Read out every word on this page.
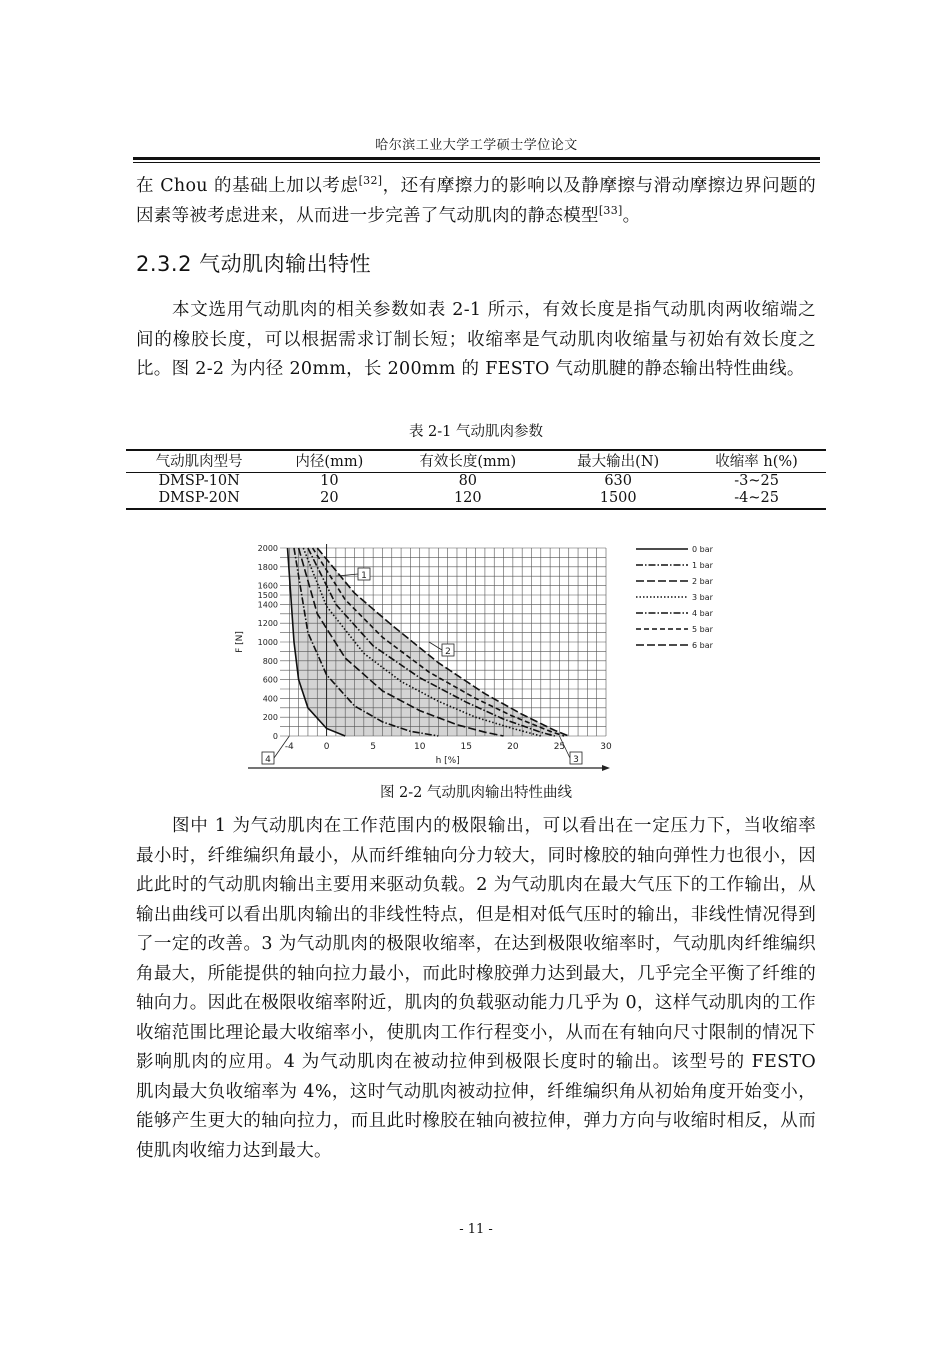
哈尔滨工业大学工学硕士学位论文

在 Chou 的基础上加以考虑[32]，还有摩擦力的影响以及静摩擦与滑动摩擦边界问题的因素等被考虑进来，从而进一步完善了气动肌肉的静态模型[33]。

2.3.2 气动肌肉输出特性

本文选用气动肌肉的相关参数如表 2-1 所示，有效长度是指气动肌肉两收缩端之间的橡胶长度，可以根据需求订制长短；收缩率是气动肌肉收缩量与初始有效长度之比。图 2-2 为内径 20mm，长 200mm 的 FESTO 气动肌腱的静态输出特性曲线。

表 2-1 气动肌肉参数
气动肌肉型号	内径(mm)	有效长度(mm)	最大输出(N)	收缩率 h(%)
DMSP-10N	10	80	630	-3~25
DMSP-20N	20	120	1500	-4~25
-4	0	5	10	15	20	25	30
0
200
400
600
800
1000
1200
1400
1500
1600
1800
2000
h [%]
F [N]
1
2
3
4
0 bar
1 bar
2 bar
3 bar
4 bar
5 bar
6 bar
图 2-2 气动肌肉输出特性曲线

图中 1 为气动肌肉在工作范围内的极限输出，可以看出在一定压力下，当收缩率最小时，纤维编织角最小，从而纤维轴向分力较大，同时橡胶的轴向弹性力也很小，因此此时的气动肌肉输出主要用来驱动负载。2 为气动肌肉在最大气压下的工作输出，从输出曲线可以看出肌肉输出的非线性特点，但是相对低气压时的输出，非线性情况得到了一定的改善。3 为气动肌肉的极限收缩率，在达到极限收缩率时，气动肌肉纤维编织角最大，所能提供的轴向拉力最小，而此时橡胶弹力达到最大，几乎完全平衡了纤维的轴向力。因此在极限收缩率附近，肌肉的负载驱动能力几乎为 0，这样气动肌肉的工作收缩范围比理论最大收缩率小，使肌肉工作行程变小，从而在有轴向尺寸限制的情况下影响肌肉的应用。4 为气动肌肉在被动拉伸到极限长度时的输出。该型号的 FESTO 肌肉最大负收缩率为 4%，这时气动肌肉被动拉伸，纤维编织角从初始角度开始变小，能够产生更大的轴向拉力，而且此时橡胶在轴向被拉伸，弹力方向与收缩时相反，从而使肌肉收缩力达到最大。

- 11 -
